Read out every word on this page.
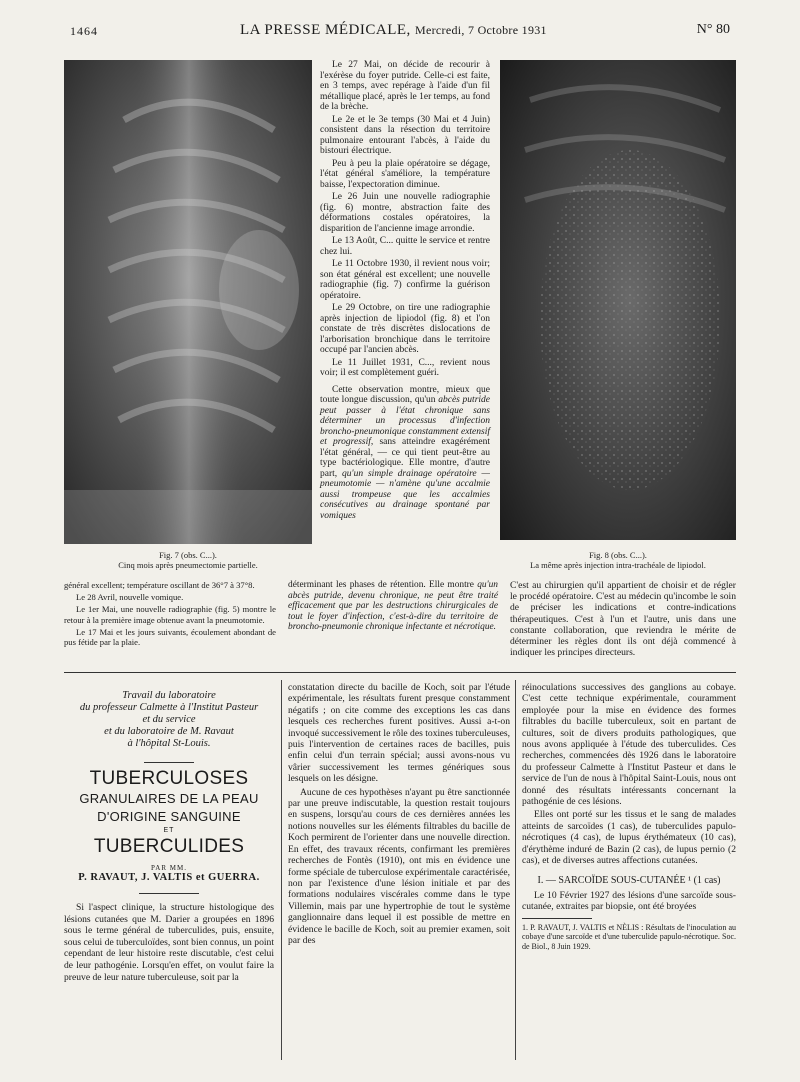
1464	LA PRESSE MÉDICALE, Mercredi, 7 Octobre 1931	N° 80
Fig. 7 (obs. C...).
Cinq mois après pneumectomie partielle.
Fig. 8 (obs. C...).
La même après injection intra-trachéale de lipiodol.

Le 27 Mai, on décide de recourir à l'exérèse du foyer putride. Celle-ci est faite, en 3 temps, avec repérage à l'aide d'un fil métallique placé, après le 1er temps, au fond de la brèche.

Le 2e et le 3e temps (30 Mai et 4 Juin) consistent dans la résection du territoire pulmonaire entourant l'abcès, à l'aide du bistouri électrique.

Peu à peu la plaie opératoire se dégage, l'état général s'améliore, la température baisse, l'expectoration diminue.

Le 26 Juin une nouvelle radiographie (fig. 6) montre, abstraction faite des déformations costales opératoires, la disparition de l'ancienne image arrondie.

Le 13 Août, C... quitte le service et rentre chez lui.

Le 11 Octobre 1930, il revient nous voir; son état général est excellent; une nouvelle radiographie (fig. 7) confirme la guérison opératoire.

Le 29 Octobre, on tire une radiographie après injection de lipiodol (fig. 8) et l'on constate de très discrètes dislocations de l'arborisation bronchique dans le territoire occupé par l'ancien abcès.

Le 11 Juillet 1931, C..., revient nous voir; il est complètement guéri.

Cette observation montre, mieux que toute longue discussion, qu'un abcès putride peut passer à l'état chronique sans déterminer un processus d'infection broncho-pneumonique constamment extensif et progressif, sans atteindre exagérément l'état général, — ce qui tient peut-être au type bactériologique. Elle montre, d'autre part, qu'un simple drainage opératoire — pneumotomie — n'amène qu'une accalmie aussi trompeuse que les accalmies consécutives au drainage spontané par vomiques

général excellent; température oscillant de 36°7 à 37°8.

Le 28 Avril, nouvelle vomique.

Le 1er Mai, une nouvelle radiographie (fig. 5) montre le retour à la première image obtenue avant la pneumotomie.

Le 17 Mai et les jours suivants, écoulement abondant de pus fétide par la plaie.

déterminant les phases de rétention. Elle montre qu'un abcès putride, devenu chronique, ne peut être traité efficacement que par les destructions chirurgicales de tout le foyer d'infection, c'est-à-dire du territoire de broncho-pneumonie chronique infectante et nécrotique.

C'est au chirurgien qu'il appartient de choisir et de régler le procédé opératoire. C'est au médecin qu'incombe le soin de préciser les indications et contre-indications thérapeutiques. C'est à l'un et l'autre, unis dans une constante collaboration, que reviendra le mérite de déterminer les règles dont ils ont déjà commencé à indiquer les principes directeurs.

Travail du laboratoire
du professeur Calmette à l'Institut Pasteur
et du service
et du laboratoire de M. Ravaut
à l'hôpital St-Louis.
TUBERCULOSES
GRANULAIRES DE LA PEAU
D'ORIGINE SANGUINE
ET
TUBERCULIDES
PAR MM.
P. RAVAUT, J. VALTIS et GUERRA.

Si l'aspect clinique, la structure histologique des lésions cutanées que M. Darier a groupées en 1896 sous le terme général de tuberculides, puis, ensuite, sous celui de tuberculoïdes, sont bien connus, un point cependant de leur histoire reste discutable, c'est celui de leur pathogénie. Lorsqu'en effet, on voulut faire la preuve de leur nature tuberculeuse, soit par la

constatation directe du bacille de Koch, soit par l'étude expérimentale, les résultats furent presque constamment négatifs ; on cite comme des exceptions les cas dans lesquels ces recherches furent positives. Aussi a-t-on invoqué successivement le rôle des toxines tuberculeuses, puis l'intervention de certaines races de bacilles, puis enfin celui d'un terrain spécial; aussi avons-nous vu vârier successivement les termes génériques sous lesquels on les désigne.

Aucune de ces hypothèses n'ayant pu être sanctionnée par une preuve indiscutable, la question restait toujours en suspens, lorsqu'au cours de ces dernières années les notions nouvelles sur les éléments filtrables du bacille de Koch permirent de l'orienter dans une nouvelle direction. En effet, des travaux récents, confirmant les premières recherches de Fontès (1910), ont mis en évidence une forme spéciale de tuberculose expérimentale caractérisée, non par l'existence d'une lésion initiale et par des formations nodulaires viscérales comme dans le type Villemin, mais par une hypertrophie de tout le système ganglionnaire dans lequel il est possible de mettre en évidence le bacille de Koch, soit au premier examen, soit par des

réinoculations successives des ganglions au cobaye. C'est cette technique expérimentale, couramment employée pour la mise en évidence des formes filtrables du bacille tuberculeux, soit en partant de cultures, soit de divers produits pathologiques, que nous avons appliquée à l'étude des tuberculides. Ces recherches, commencées dès 1926 dans le laboratoire du professeur Calmette à l'Institut Pasteur et dans le service de l'un de nous à l'hôpital Saint-Louis, nous ont donné des résultats intéressants concernant la pathogénie de ces lésions.

Elles ont porté sur les tissus et le sang de malades atteints de sarcoïdes (1 cas), de tuberculides papulo-nécrotiques (4 cas), de lupus érythémateux (10 cas), d'érythème induré de Bazin (2 cas), de lupus pernio (2 cas), et de diverses autres affections cutanées.

I. — SARCOÏDE SOUS-CUTANÉE ¹ (1 cas)

Le 10 Février 1927 des lésions d'une sarcoïde sous-cutanée, extraites par biopsie, ont été broyées

1. P. RAVAUT, J. VALTIS et NÈLIS : Résultats de l'inoculation au cobaye d'une sarcoïde et d'une tuberculide papulo-nécrotique. Soc. de Biol., 8 Juin 1929.
